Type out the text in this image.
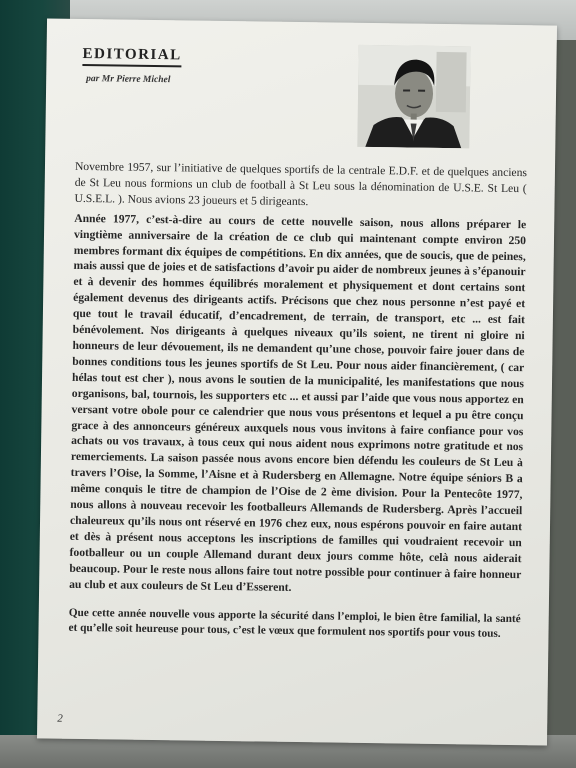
EDITORIAL
par Mr Pierre Michel

Novembre 1957, sur l’initiative de quelques sportifs de la centrale E.D.F. et de quelques anciens de St Leu nous formions un club de football à St Leu sous la dénomination de U.S.E. St Leu ( U.S.E.L. ). Nous avions 23 joueurs et 5 dirigeants.

Année 1977, c’est-à-dire au cours de cette nouvelle saison, nous allons préparer le vingtième anniversaire de la création de ce club qui maintenant compte environ 250 membres formant dix équipes de compétitions. En dix années, que de soucis, que de peines, mais aussi que de joies et de satisfactions d’avoir pu aider de nombreux jeunes à s’épanouir et à devenir des hommes équilibrés moralement et physiquement et dont certains sont également devenus des dirigeants actifs. Précisons que chez nous personne n’est payé et que tout le travail éducatif, d’encadrement, de terrain, de transport, etc ... est fait bénévolement. Nos dirigeants à quelques niveaux qu’ils soient, ne tirent ni gloire ni honneurs de leur dévouement, ils ne demandent qu’une chose, pouvoir faire jouer dans de bonnes conditions tous les jeunes sportifs de St Leu. Pour nous aider financièrement, ( car hélas tout est cher ), nous avons le soutien de la municipalité, les manifestations que nous organisons, bal, tournois, les supporters etc ... et aussi par l’aide que vous nous apportez en versant votre obole pour ce calendrier que nous vous présentons et lequel a pu être conçu grace à des annonceurs généreux auxquels nous vous invitons à faire confiance pour vos achats ou vos travaux, à tous ceux qui nous aident nous exprimons notre gratitude et nos remerciements. La saison passée nous avons encore bien défendu les couleurs de St Leu à travers l’Oise, la Somme, l’Aisne et à Rudersberg en Allemagne. Notre équipe séniors B a même conquis le titre de champion de l’Oise de 2 ème division. Pour la Pentecôte 1977, nous allons à nouveau recevoir les footballeurs Allemands de Rudersberg. Après l’accueil chaleureux qu’ils nous ont réservé en 1976 chez eux, nous espérons pouvoir en faire autant et dès à présent nous acceptons les inscriptions de familles qui voudraient recevoir un footballeur ou un couple Allemand durant deux jours comme hôte, celà nous aiderait beaucoup. Pour le reste nous allons faire tout notre possible pour continuer à faire honneur au club et aux couleurs de St Leu d’Esserent.

Que cette année nouvelle vous apporte la sécurité dans l’emploi, le bien être familial, la santé et qu’elle soit heureuse pour tous, c’est le vœux que formulent nos sportifs pour vous tous.

2
